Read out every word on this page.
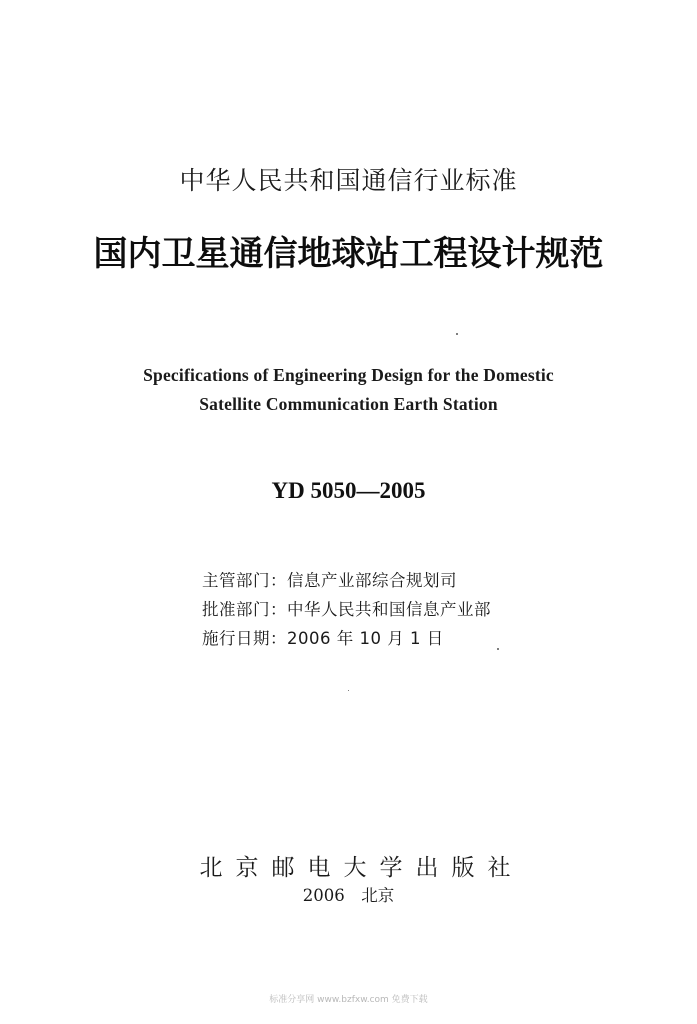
中华人民共和国通信行业标准

国内卫星通信地球站工程设计规范

Specifications of Engineering Design for the Domestic

Satellite Communication Earth Station

YD 5050—2005

主管部门：信息产业部综合规划司

批准部门：中华人民共和国信息产业部

施行日期：2006 年 10 月 1 日

北京邮电大学出版社

2006　北京

标准分享网 www.bzfxw.com 免费下载
